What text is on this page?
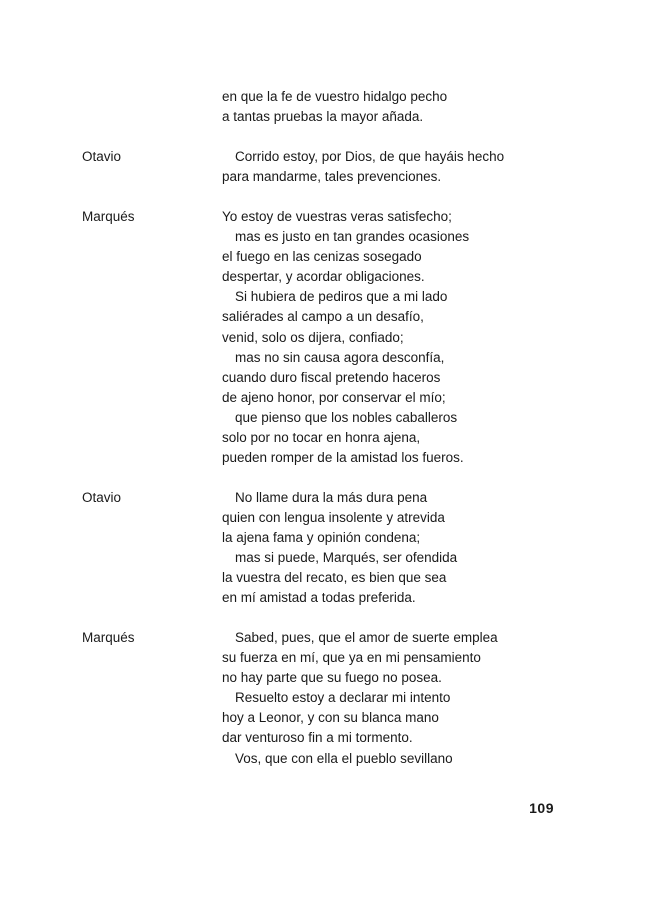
en que la fe de vuestro hidalgo pecho
a tantas pruebas la mayor añada.
Otavio	Corrido estoy, por Dios, de que hayáis hecho
para mandarme, tales prevenciones.
Marqués	Yo estoy de vuestras veras satisfecho;
mas es justo en tan grandes ocasiones
el fuego en las cenizas sosegado
despertar, y acordar obligaciones.
Si hubiera de pediros que a mi lado
saliérades al campo a un desafío,
venid, solo os dijera, confiado;
mas no sin causa agora desconfía,
cuando duro fiscal pretendo haceros
de ajeno honor, por conservar el mío;
que pienso que los nobles caballeros
solo por no tocar en honra ajena,
pueden romper de la amistad los fueros.
Otavio	No llame dura la más dura pena
quien con lengua insolente y atrevida
la ajena fama y opinión condena;
mas si puede, Marqués, ser ofendida
la vuestra del recato, es bien que sea
en mí amistad a todas preferida.
Marqués	Sabed, pues, que el amor de suerte emplea
su fuerza en mí, que ya en mi pensamiento
no hay parte que su fuego no posea.
Resuelto estoy a declarar mi intento
hoy a Leonor, y con su blanca mano
dar venturoso fin a mi tormento.
Vos, que con ella el pueblo sevillano
109
